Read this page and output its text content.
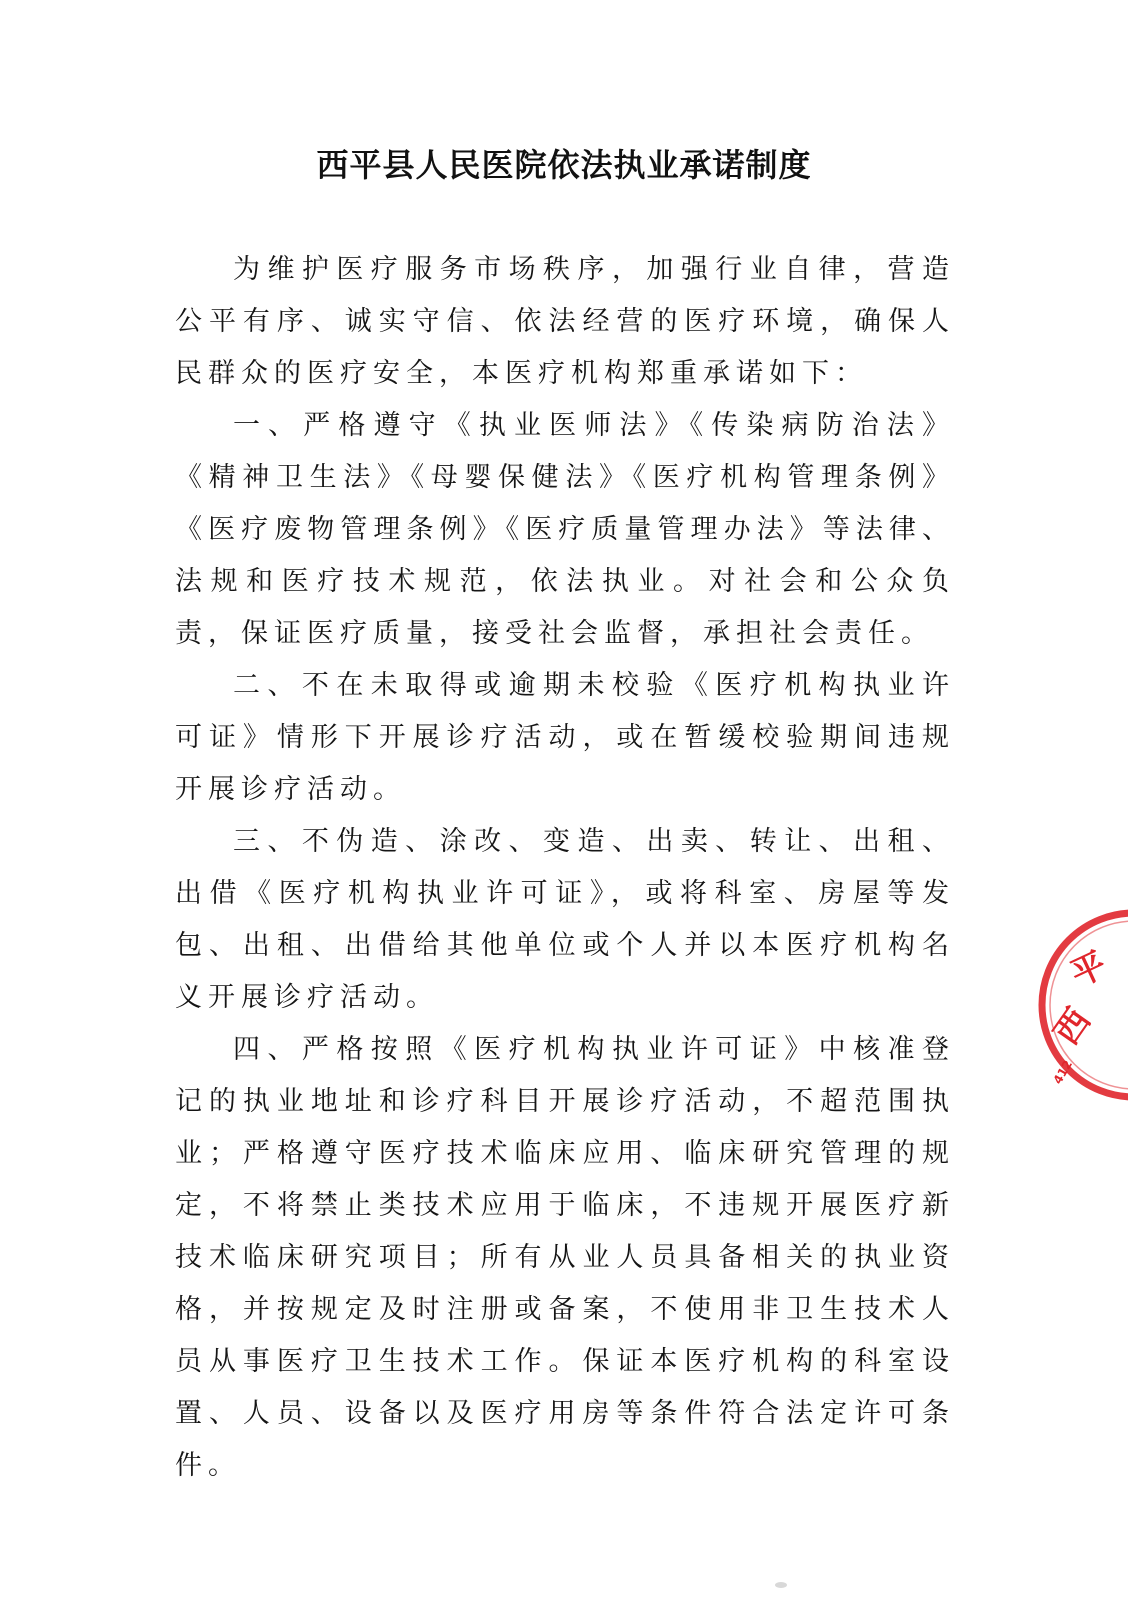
西平县人民医院依法执业承诺制度

为维护医疗服务市场秩序，加强行业自律，营造公平有序、诚实守信、依法经营的医疗环境，确保人民群众的医疗安全，本医疗机构郑重承诺如下：

一、严格遵守《执业医师法》《传染病防治法》《精神卫生法》《母婴保健法》《医疗机构管理条例》《医疗废物管理条例》《医疗质量管理办法》等法律、法规和医疗技术规范，依法执业。对社会和公众负责，保证医疗质量，接受社会监督，承担社会责任。

二、不在未取得或逾期未校验《医疗机构执业许可证》情形下开展诊疗活动，或在暂缓校验期间违规开展诊疗活动。

三、不伪造、涂改、变造、出卖、转让、出租、出借《医疗机构执业许可证》，或将科室、房屋等发包、出租、出借给其他单位或个人并以本医疗机构名义开展诊疗活动。

四、严格按照《医疗机构执业许可证》中核准登记的执业地址和诊疗科目开展诊疗活动，不超范围执业；严格遵守医疗技术临床应用、临床研究管理的规定，不将禁止类技术应用于临床，不违规开展医疗新技术临床研究项目；所有从业人员具备相关的执业资格，并按规定及时注册或备案，不使用非卫生技术人员从事医疗卫生技术工作。保证本医疗机构的科室设置、人员、设备以及医疗用房等条件符合法定许可条件。

西
平
412
